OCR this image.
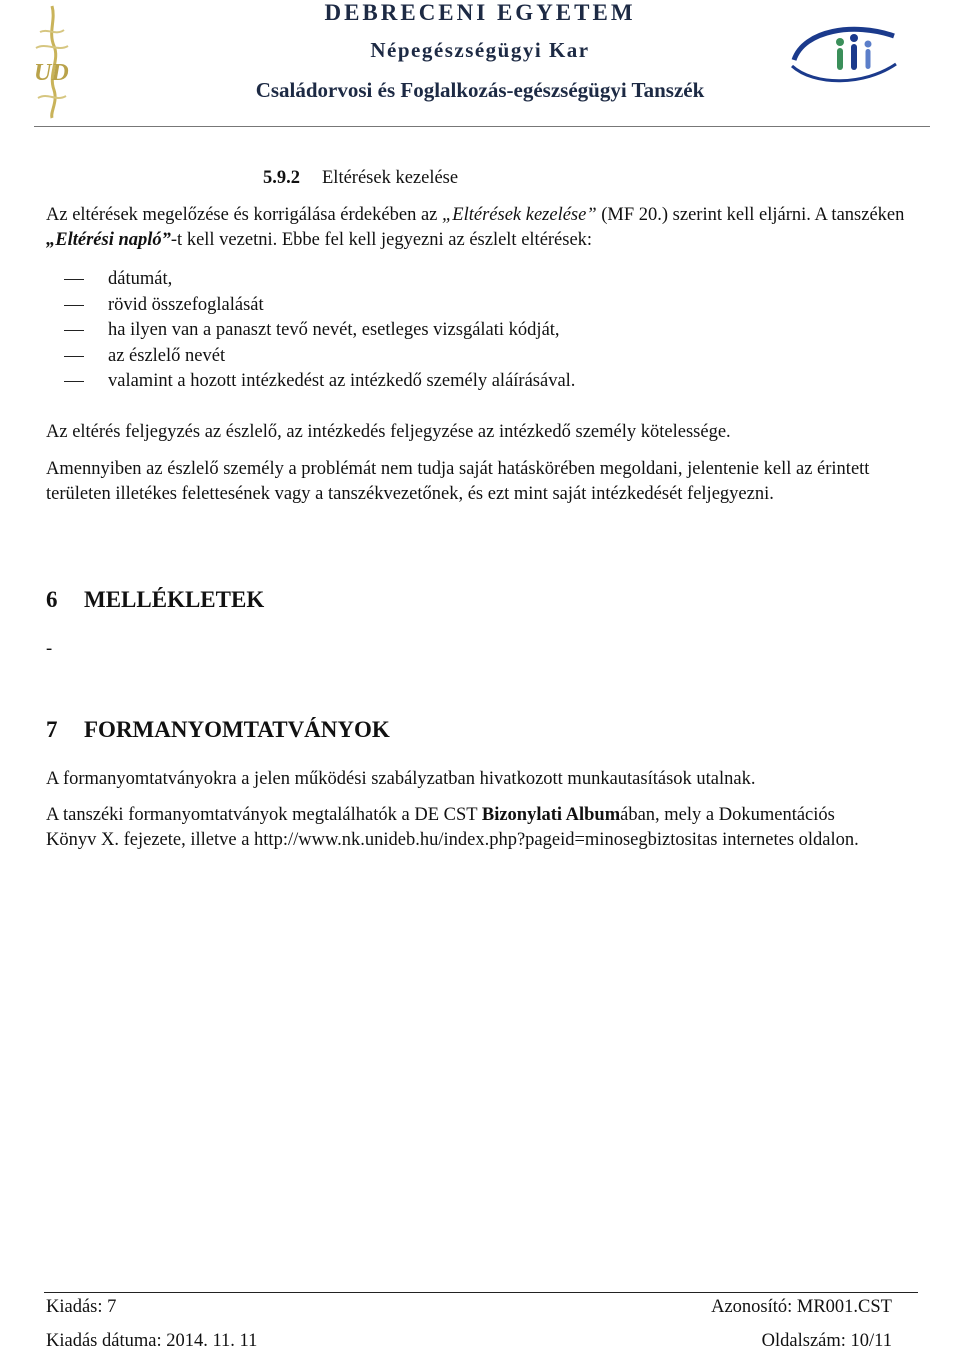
UD
DEBRECENI EGYETEM
Népegészségügyi Kar
Családorvosi és Foglalkozás-egészségügyi Tanszék
5.9.2 Eltérések kezelése
Az eltérések megelőzése és korrigálása érdekében az „Eltérések kezelése” (MF 20.) szerint kell eljárni. A tanszéken „Eltérési napló”-t kell vezetni. Ebbe fel kell jegyezni az észlelt eltérések:
dátumát,
rövid összefoglalását
ha ilyen van a panaszt tevő nevét, esetleges vizsgálati kódját,
az észlelő nevét
valamint a hozott intézkedést az intézkedő személy aláírásával.
Az eltérés feljegyzés az észlelő, az intézkedés feljegyzése az intézkedő személy kötelessége.
Amennyiben az észlelő személy a problémát nem tudja saját hatáskörében megoldani, jelentenie kell az érintett területen illetékes felettesének vagy a tanszékvezetőnek, és ezt mint saját intézkedését feljegyezni.
6 MELLÉKLETEK
-
7 FORMANYOMTATVÁNYOK
A formanyomtatványokra a jelen működési szabályzatban hivatkozott munkautasítások utalnak.
A tanszéki formanyomtatványok megtalálhatók a DE CST Bizonylati Albumában, mely a Dokumentációs Könyv X. fejezete, illetve a http://www.nk.unideb.hu/index.php?pageid=minosegbiztositas internetes oldalon.
Kiadás: 7	Azonosító: MR001.CST
Kiadás dátuma: 2014. 11. 11	Oldalszám: 10/11
